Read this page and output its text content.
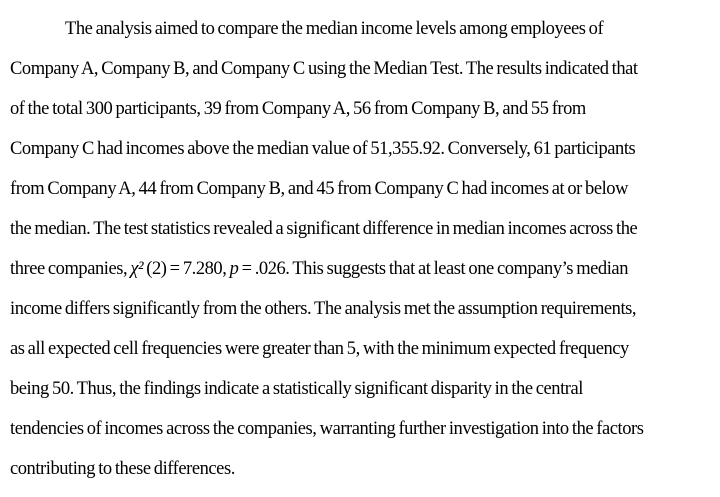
The analysis aimed to compare the median income levels among employees of
Company A, Company B, and Company C using the Median Test. The results indicated that
of the total 300 participants, 39 from Company A, 56 from Company B, and 55 from
Company C had incomes above the median value of 51,355.92. Conversely, 61 participants
from Company A, 44 from Company B, and 45 from Company C had incomes at or below
the median. The test statistics revealed a significant difference in median incomes across the
three companies, χ² (2) = 7.280, p = .026. This suggests that at least one company’s median
income differs significantly from the others. The analysis met the assumption requirements,
as all expected cell frequencies were greater than 5, with the minimum expected frequency
being 50. Thus, the findings indicate a statistically significant disparity in the central
tendencies of incomes across the companies, warranting further investigation into the factors
contributing to these differences.
